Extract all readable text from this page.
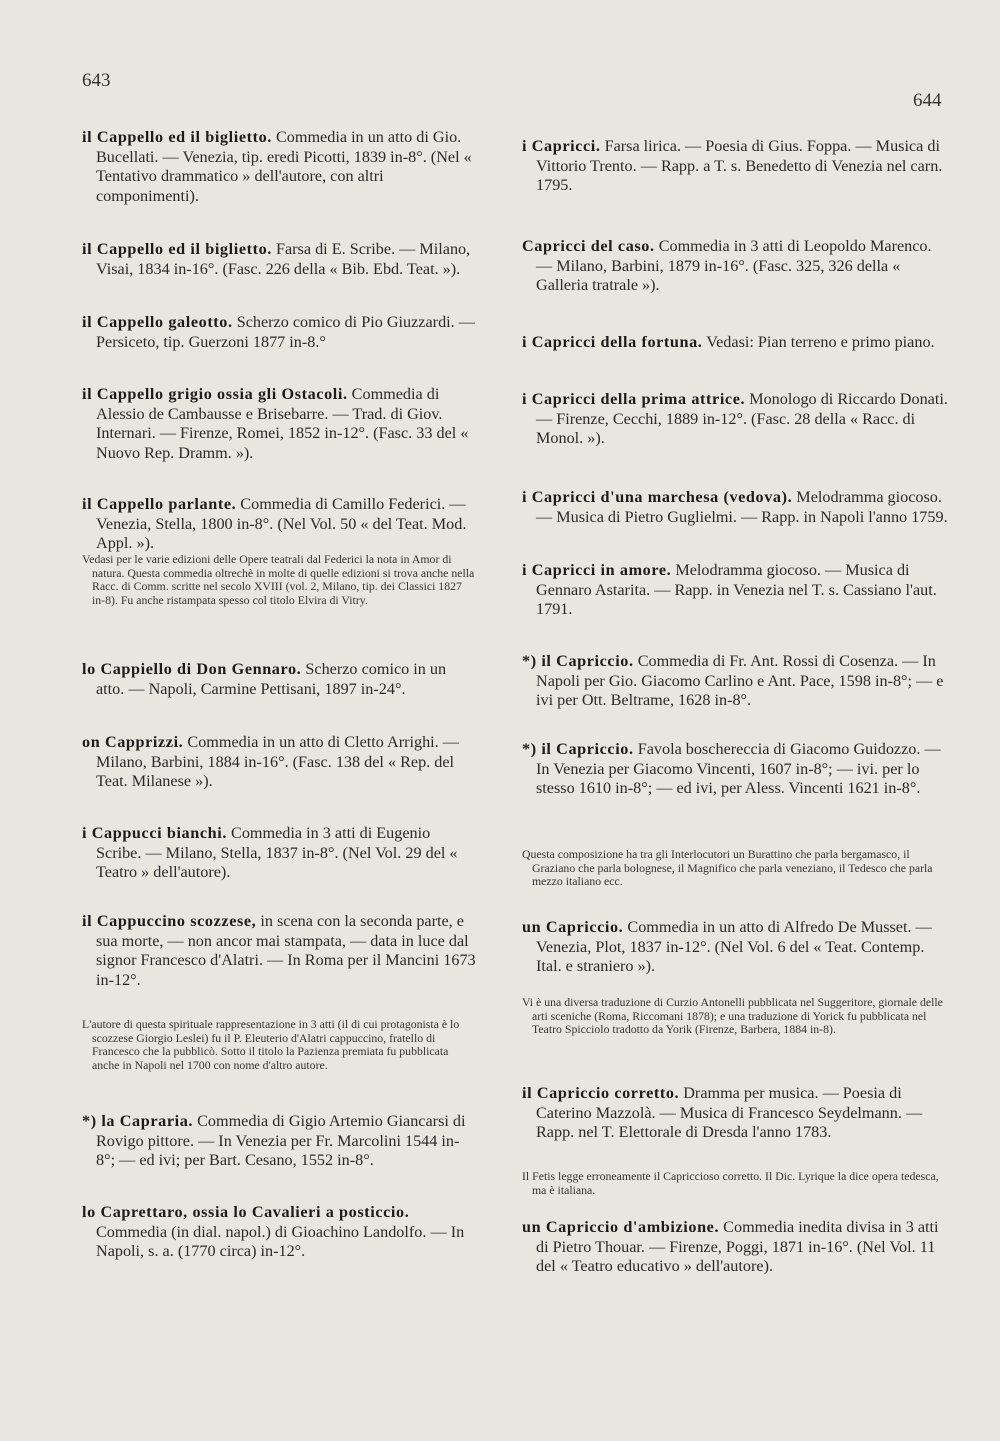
643
644
il Cappello ed il biglietto. Commedia in un atto di Gio. Bucellati. — Venezia, tip. eredi Picotti, 1839 in-8°. (Nel « Tentativo drammatico » dell'autore, con altri componimenti).
il Cappello ed il biglietto. Farsa di E. Scribe. — Milano, Visai, 1834 in-16°. (Fasc. 226 della « Bib. Ebd. Teat. »).
il Cappello galeotto. Scherzo comico di Pio Giuzzardi. — Persiceto, tip. Guerzoni 1877 in-8.°
il Cappello grigio ossia gli Ostacoli. Commedia di Alessio de Cambausse e Brisebarre. — Trad. di Giov. Internari. — Firenze, Romei, 1852 in-12°. (Fasc. 33 del « Nuovo Rep. Dramm. »).
il Cappello parlante. Commedia di Camillo Federici. — Venezia, Stella, 1800 in-8°. (Nel Vol. 50 « del Teat. Mod. Appl. »).
Vedasi per le varie edizioni delle Opere teatrali dal Federici la nota in Amor di natura. Questa commedia oltrechè in molte di quelle edizioni si trova anche nella Racc. di Comm. scritte nel secolo XVIII (vol. 2, Milano, tip. dei Classici 1827 in-8). Fu anche ristampata spesso col titolo Elvira di Vitry.
lo Cappiello di Don Gennaro. Scherzo comico in un atto. — Napoli, Carmine Pettisani, 1897 in-24°.
on Capprizzi. Commedia in un atto di Cletto Arrighi. — Milano, Barbini, 1884 in-16°. (Fasc. 138 del « Rep. del Teat. Milanese »).
i Cappucci bianchi. Commedia in 3 atti di Eugenio Scribe. — Milano, Stella, 1837 in-8°. (Nel Vol. 29 del « Teatro » dell'autore).
il Cappuccino scozzese, in scena con la seconda parte, e sua morte, — non ancor mai stampata, — data in luce dal signor Francesco d'Alatri. — In Roma per il Mancini 1673 in-12°.
L'autore di questa spirituale rappresentazione in 3 atti (il di cui protagonista è lo scozzese Giorgio Leslei) fu il P. Eleuterio d'Alatri cappuccino, fratello di Francesco che la pubblicò. Sotto il titolo la Pazienza premiata fu pubblicata anche in Napoli nel 1700 con nome d'altro autore.
*) la Capraria. Commedia di Gigio Artemio Giancarsi di Rovigo pittore. — In Venezia per Fr. Marcolini 1544 in-8°; — ed ivi; per Bart. Cesano, 1552 in-8°.
lo Caprettaro, ossia lo Cavalieri a posticcio. Commedia (in dial. napol.) di Gioachino Landolfo. — In Napoli, s. a. (1770 circa) in-12°.
i Capricci. Farsa lirica. — Poesia di Gius. Foppa. — Musica di Vittorio Trento. — Rapp. a T. s. Benedetto di Venezia nel carn. 1795.
Capricci del caso. Commedia in 3 atti di Leopoldo Marenco. — Milano, Barbini, 1879 in-16°. (Fasc. 325, 326 della « Galleria tratrale »).
i Capricci della fortuna. Vedasi: Pian terreno e primo piano.
i Capricci della prima attrice. Monologo di Riccardo Donati. — Firenze, Cecchi, 1889 in-12°. (Fasc. 28 della « Racc. di Monol. »).
i Capricci d'una marchesa (vedova). Melodramma giocoso. — Musica di Pietro Guglielmi. — Rapp. in Napoli l'anno 1759.
i Capricci in amore. Melodramma giocoso. — Musica di Gennaro Astarita. — Rapp. in Venezia nel T. s. Cassiano l'aut. 1791.
*) il Capriccio. Commedia di Fr. Ant. Rossi di Cosenza. — In Napoli per Gio. Giacomo Carlino e Ant. Pace, 1598 in-8°; — e ivi per Ott. Beltrame, 1628 in-8°.
*) il Capriccio. Favola boschereccia di Giacomo Guidozzo. — In Venezia per Giacomo Vincenti, 1607 in-8°; — ivi. per lo stesso 1610 in-8°; — ed ivi, per Aless. Vincenti 1621 in-8°.
Questa composizione ha tra gli Interlocutori un Burattino che parla bergamasco, il Graziano che parla bolognese, il Magnifico che parla veneziano, il Tedesco che parla mezzo italiano ecc.
un Capriccio. Commedia in un atto di Alfredo De Musset. — Venezia, Plot, 1837 in-12°. (Nel Vol. 6 del « Teat. Contemp. Ital. e straniero »).
Vi è una diversa traduzione di Curzio Antonelli pubblicata nel Suggeritore, giornale delle arti sceniche (Roma, Riccomani 1878); e una traduzione di Yorick fu pubblicata nel Teatro Spicciolo tradotto da Yorik (Firenze, Barbera, 1884 in-8).
il Capriccio corretto. Dramma per musica. — Poesia di Caterino Mazzolà. — Musica di Francesco Seydelmann. — Rapp. nel T. Elettorale di Dresda l'anno 1783.
Il Fetis legge erroneamente il Capriccioso corretto. Il Dic. Lyrique la dice opera tedesca, ma è italiana.
un Capriccio d'ambizione. Commedia inedita divisa in 3 atti di Pietro Thouar. — Firenze, Poggi, 1871 in-16°. (Nel Vol. 11 del « Teatro educativo » dell'autore).
